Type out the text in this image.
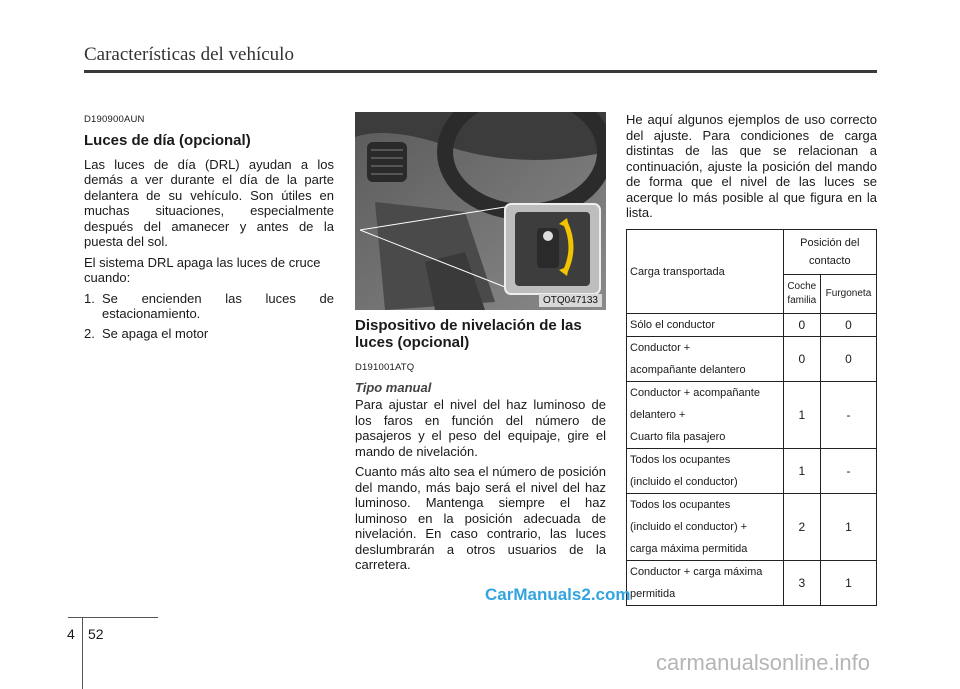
Características del vehículo
D190900AUN
Luces de día (opcional)

Las luces de día (DRL) ayudan a los demás a ver durante el día de la parte delantera de su vehículo. Son útiles en muchas situaciones, especialmente después del amanecer y antes de la puesta del sol.

El sistema DRL apaga las luces de cruce cuando:

1. Se encienden las luces de estacionamiento.
2. Se apaga el motor
OTQ047133
Dispositivo de nivelación de las luces (opcional)
D191001ATQ
Tipo manual

Para ajustar el nivel del haz luminoso de los faros en función del número de pasajeros y el peso del equipaje, gire el mando de nivelación.

Cuanto más alto sea el número de posición del mando, más bajo será el nivel del haz luminoso. Mantenga siempre el haz luminoso en la posición adecuada de nivelación. En caso contrario, las luces deslumbrarán a otros usuarios de la carretera.

He aquí algunos ejemplos de uso correcto del ajuste. Para condiciones de carga distintas de las que se relacionan a continuación, ajuste la posición del mando de forma que el nivel de las luces se acerque lo más posible al que figura en la lista.

Carga transportada	Posición del contacto	
	Coche familia	Furgoneta
Sólo el conductor	0	0

Conductor +
acompañante delantero	0	0

Conductor + acompañante
delantero +
Cuarto fila pasajero	1	-

Todos los ocupantes
(incluido el conductor)	1	-

Todos los ocupantes
(incluido el conductor) +
carga máxima permitida	2	1

Conductor + carga máxima
permitida	3	1
4 52
CarManuals2.com
carmanualsonline.info
